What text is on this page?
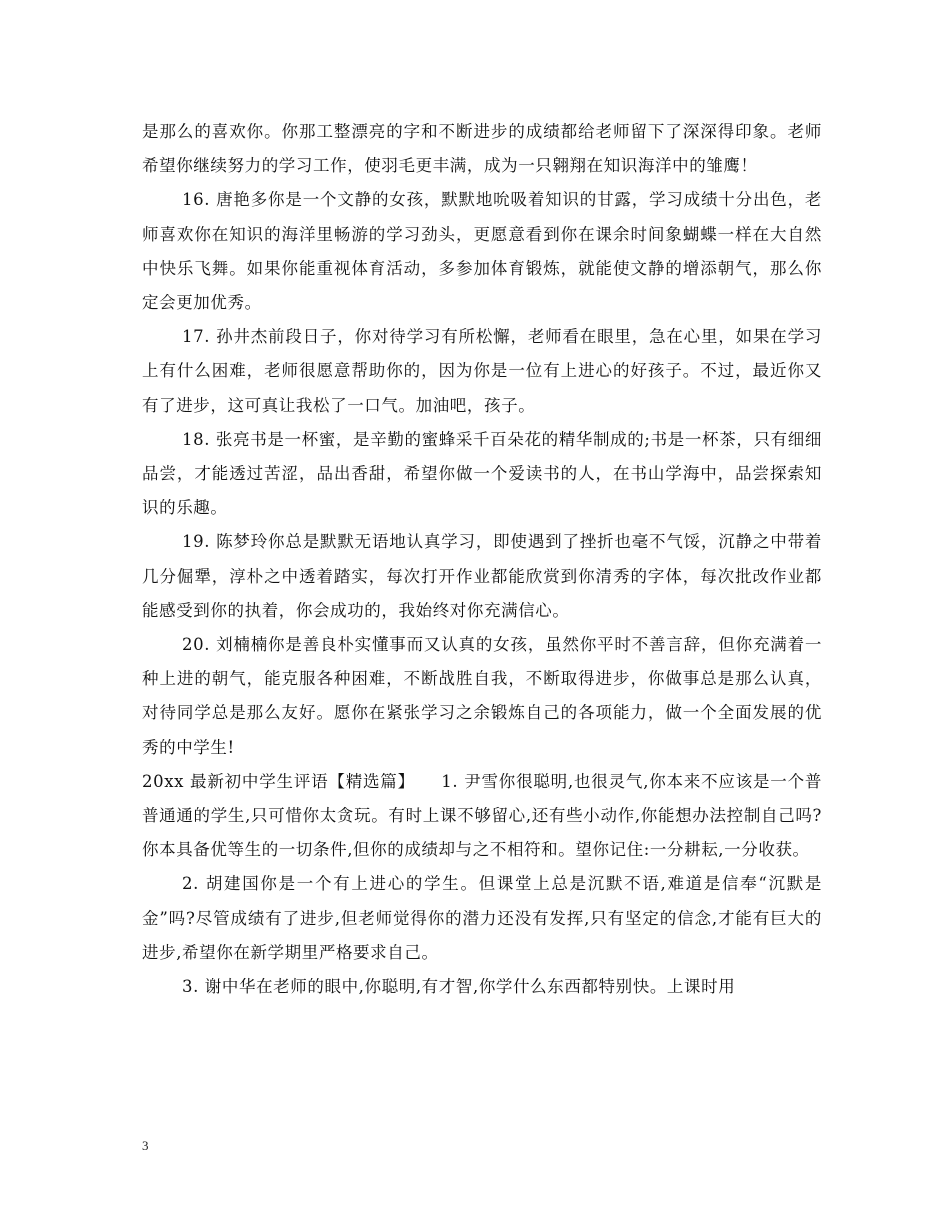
是那么的喜欢你。你那工整漂亮的字和不断进步的成绩都给老师留下了深深得印象。老师希望你继续努力的学习工作，使羽毛更丰满，成为一只翱翔在知识海洋中的雏鹰！

16. 唐艳多你是一个文静的女孩，默默地吮吸着知识的甘露，学习成绩十分出色，老师喜欢你在知识的海洋里畅游的学习劲头，更愿意看到你在课余时间象蝴蝶一样在大自然中快乐飞舞。如果你能重视体育活动，多参加体育锻炼，就能使文静的增添朝气，那么你定会更加优秀。

17. 孙井杰前段日子，你对待学习有所松懈，老师看在眼里，急在心里，如果在学习上有什么困难，老师很愿意帮助你的，因为你是一位有上进心的好孩子。不过，最近你又有了进步，这可真让我松了一口气。加油吧，孩子。

18. 张亮书是一杯蜜，是辛勤的蜜蜂采千百朵花的精华制成的;书是一杯茶，只有细细品尝，才能透过苦涩，品出香甜，希望你做一个爱读书的人，在书山学海中，品尝探索知识的乐趣。

19. 陈梦玲你总是默默无语地认真学习，即使遇到了挫折也毫不气馁，沉静之中带着几分倔犟，淳朴之中透着踏实，每次打开作业都能欣赏到你清秀的字体，每次批改作业都能感受到你的执着，你会成功的，我始终对你充满信心。

20. 刘楠楠你是善良朴实懂事而又认真的女孩，虽然你平时不善言辞，但你充满着一种上进的朝气，能克服各种困难，不断战胜自我，不断取得进步，你做事总是那么认真，对待同学总是那么友好。愿你在紧张学习之余锻炼自己的各项能力，做一个全面发展的优秀的中学生!

20xx 最新初中学生评语【精选篇】　　1. 尹雪你很聪明,也很灵气,你本来不应该是一个普普通通的学生,只可惜你太贪玩。有时上课不够留心,还有些小动作,你能想办法控制自己吗?你本具备优等生的一切条件,但你的成绩却与之不相符和。望你记住:一分耕耘,一分收获。

2. 胡建国你是一个有上进心的学生。但课堂上总是沉默不语,难道是信奉“沉默是金”吗?尽管成绩有了进步,但老师觉得你的潜力还没有发挥,只有坚定的信念,才能有巨大的进步,希望你在新学期里严格要求自己。

3. 谢中华在老师的眼中,你聪明,有才智,你学什么东西都特别快。上课时用

3
